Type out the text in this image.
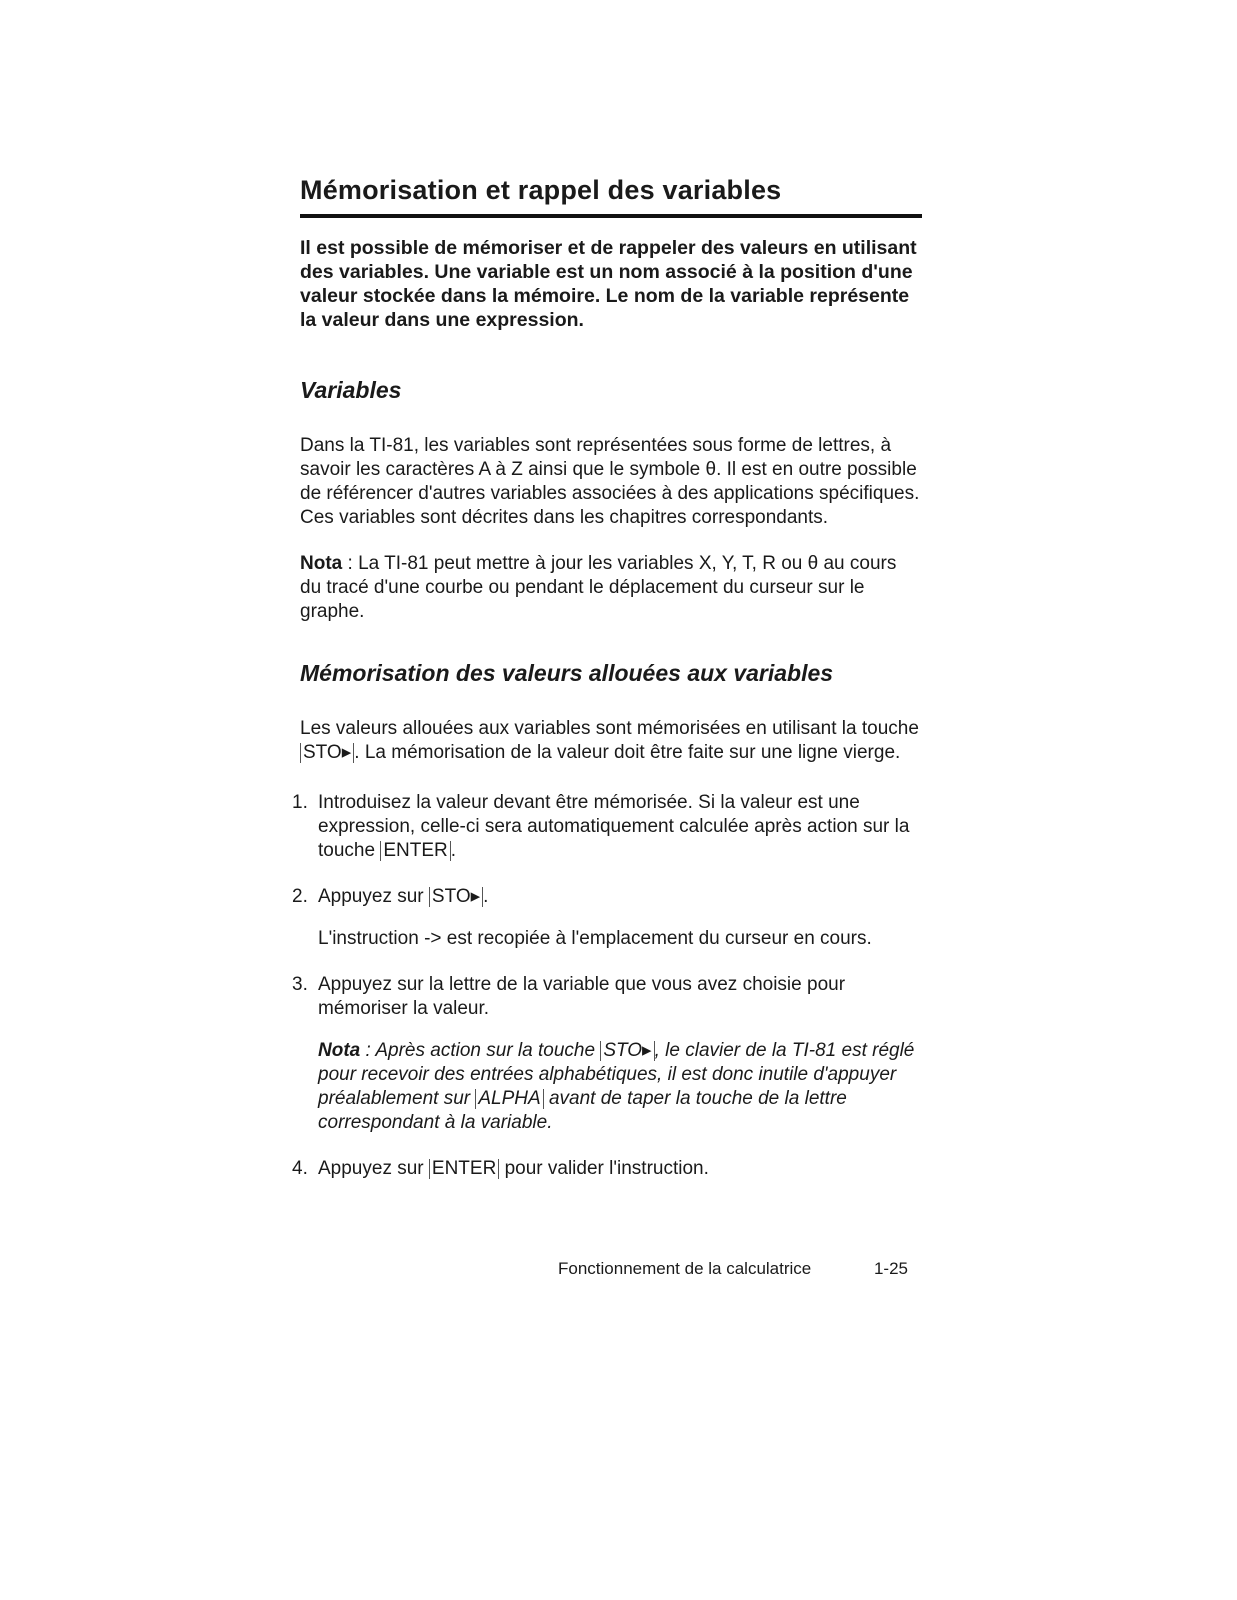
Mémorisation et rappel des variables

Il est possible de mémoriser et de rappeler des valeurs en utilisant des variables. Une variable est un nom associé à la position d'une valeur stockée dans la mémoire. Le nom de la variable représente la valeur dans une expression.

Variables

Dans la TI-81, les variables sont représentées sous forme de lettres, à savoir les caractères A à Z ainsi que le symbole θ. Il est en outre possible de référencer d'autres variables associées à des applications spécifiques. Ces variables sont décrites dans les chapitres correspondants.

Nota : La TI-81 peut mettre à jour les variables X, Y, T, R ou θ au cours du tracé d'une courbe ou pendant le déplacement du curseur sur le graphe.

Mémorisation des valeurs allouées aux variables

Les valeurs allouées aux variables sont mémorisées en utilisant la touche STO▸ . La mémorisation de la valeur doit être faite sur une ligne vierge.

1. Introduisez la valeur devant être mémorisée. Si la valeur est une expression, celle-ci sera automatiquement calculée après action sur la touche ENTER .
2. Appuyez sur STO▸ .
L'instruction -> est recopiée à l'emplacement du curseur en cours.
3. Appuyez sur la lettre de la variable que vous avez choisie pour mémoriser la valeur.
Nota : Après action sur la touche STO▸ , le clavier de la TI-81 est réglé pour recevoir des entrées alphabétiques, il est donc inutile d'appuyer préalablement sur ALPHA avant de taper la touche de la lettre correspondant à la variable.
4. Appuyez sur ENTER pour valider l'instruction.
Fonctionnement de la calculatrice	1-25
